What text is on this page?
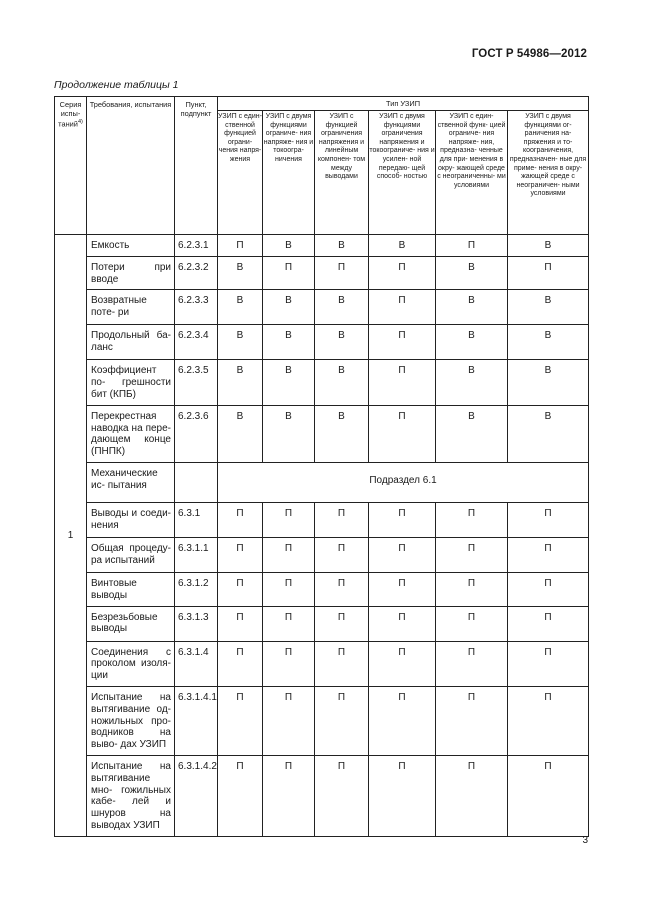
ГОСТ Р 54986—2012
Продолжение таблицы 1
Серия испы- таний$^{4)}$	Требования, испытания	Пункт, подпункт	Тип УЗИП					
			УЗИП с един- ственной функцией ограни- чения напря- жения	УЗИП с двумя функциями ограниче- ния напряже- ния и токоогра- ничения	УЗИП с функцией ограничения напряжения и линейным компонен- том между выводами	УЗИП с двумя функциями ограничения напряжения и токоограниче- ния и усилен- ной передаю- щей способ- ностью	УЗИП с един- ственной функ- цией ограниче- ния напряже- ния, предназна- ченные для при- менения в окру- жающей среде с неограниченны- ми условиями	УЗИП с двумя функциями ог- раничения на- пряжения и то- коограничения, предназначен- ные для приме- нения в окру- жающей среде с неограничен- ными условиями
1	Емкость	6.2.3.1	П	В	В	В	П	В
	Потери при вводе	6.2.3.2	В	П	П	П	В	П
	Возвратные поте- ри	6.2.3.3	В	В	В	П	В	В
	Продольный ба- ланс	6.2.3.4	В	В	В	П	В	В
	Коэффициент по- грешности бит (КПБ)	6.2.3.5	В	В	В	П	В	В
	Перекрестная наводка на пере- дающем конце (ПНПК)	6.2.3.6	В	В	В	П	В	В
	Механические ис- пытания		Подраздел 6.1					
	Выводы и соеди- нения	6.3.1	П	П	П	П	П	П
	Общая процеду- ра испытаний	6.3.1.1	П	П	П	П	П	П
	Винтовые выводы	6.3.1.2	П	П	П	П	П	П
	Безрезьбовые выводы	6.3.1.3	П	П	П	П	П	П
	Соединения с проколом изоля- ции	6.3.1.4	П	П	П	П	П	П
	Испытание на вытягивание од- ножильных про- водников на выво- дах УЗИП	6.3.1.4.1	П	П	П	П	П	П
	Испытание на вытягивание мно- гожильных кабе- лей и шнуров на выводах УЗИП	6.3.1.4.2	П	П	П	П	П	П
3
